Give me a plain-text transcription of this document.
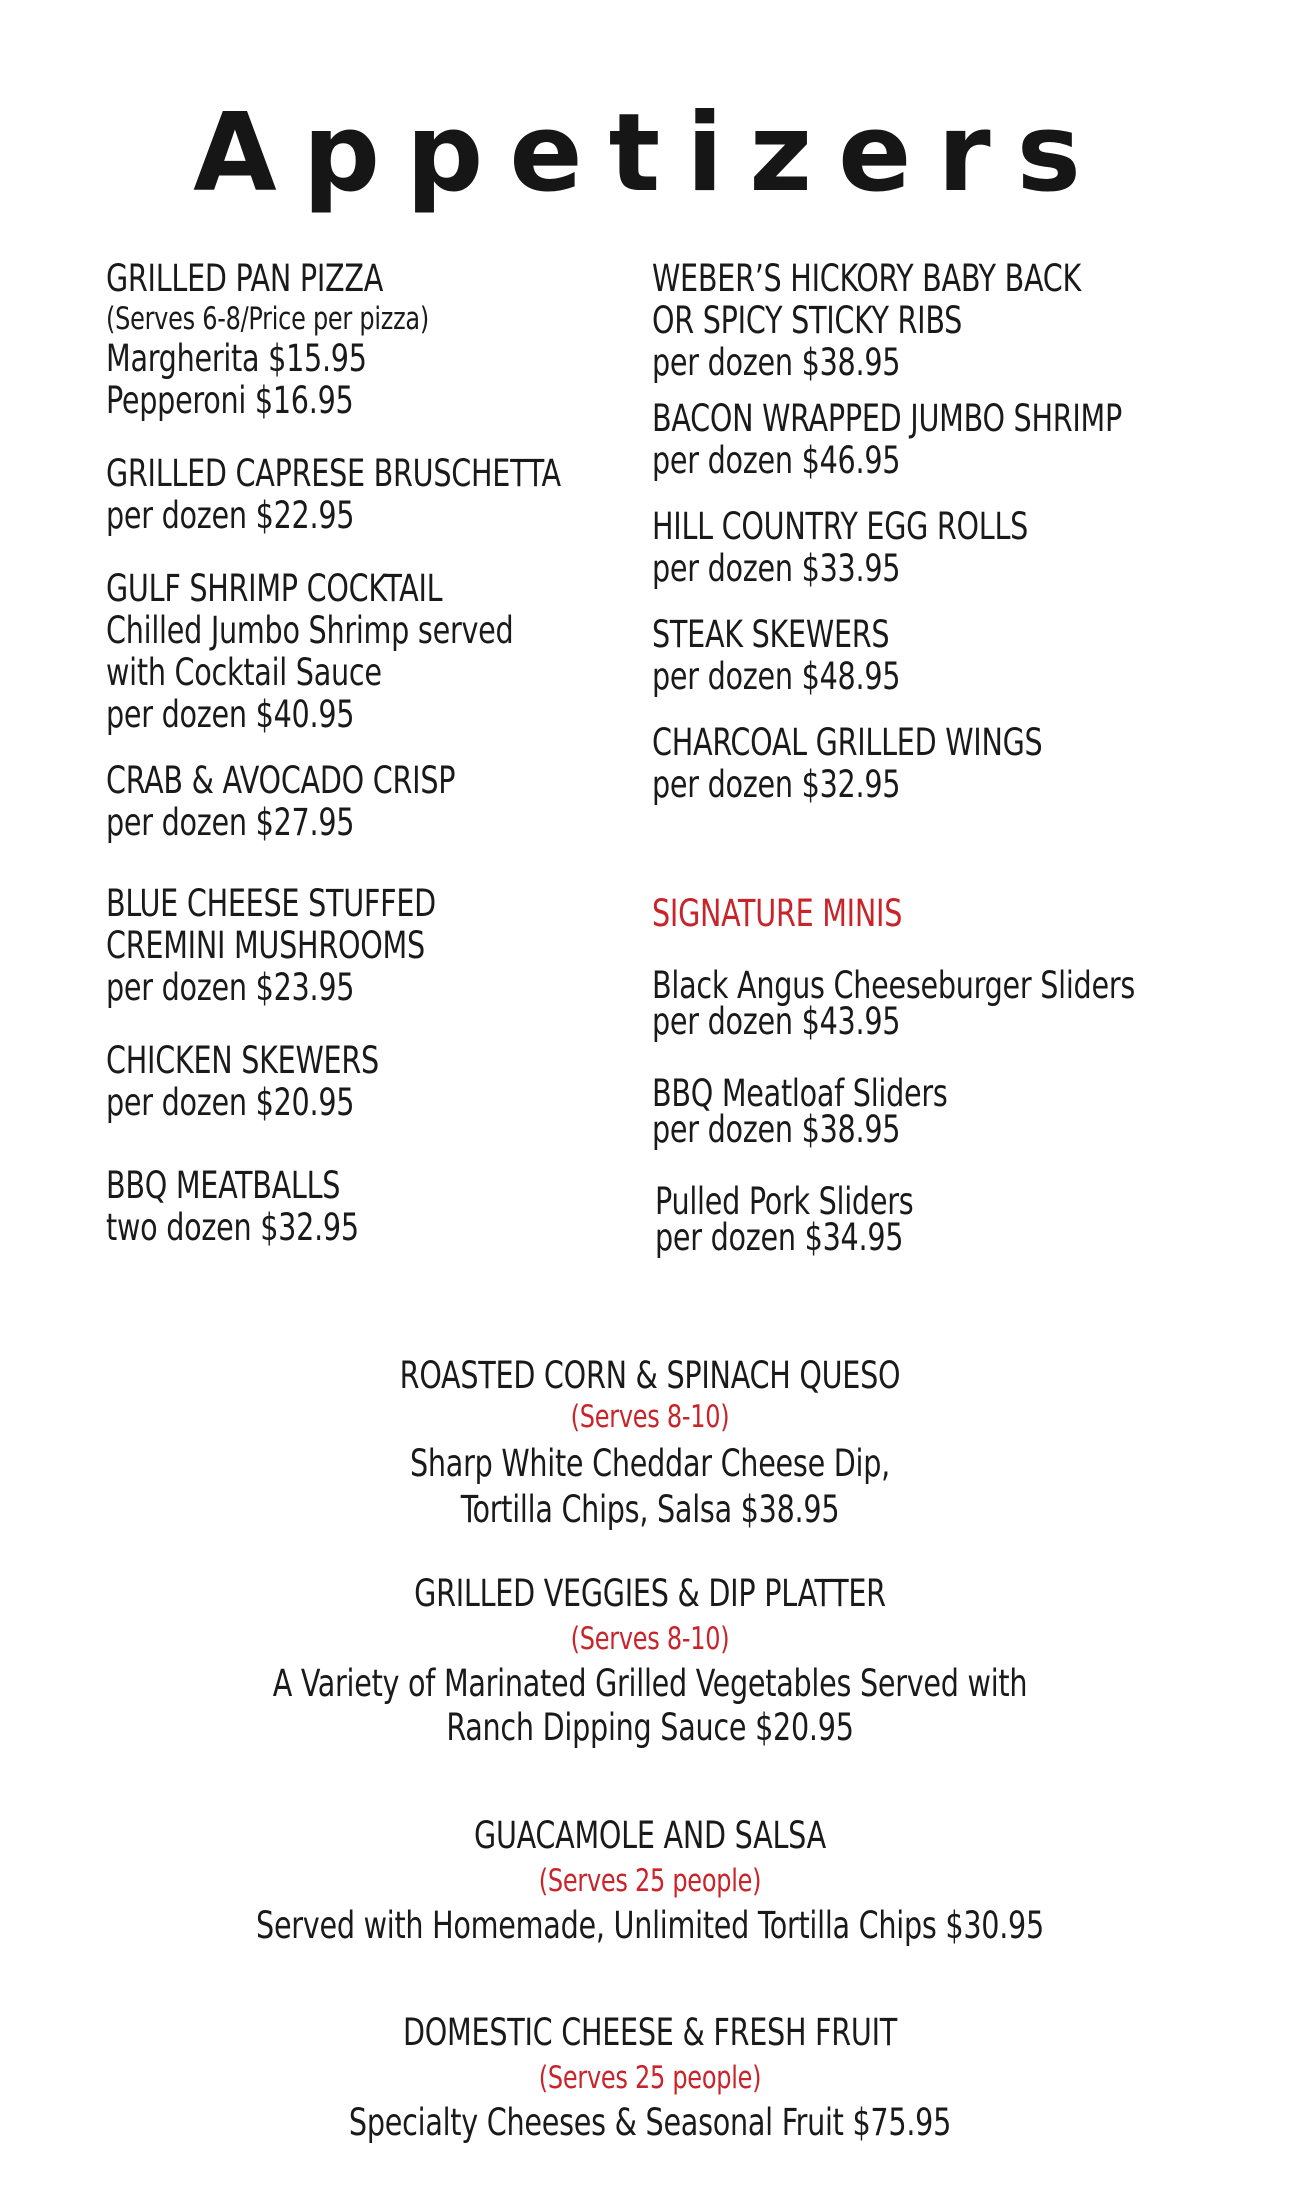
Appetizers
GRILLED PAN PIZZA
(Serves 6-8/Price per pizza)
Margherita $15.95
Pepperoni $16.95
GRILLED CAPRESE BRUSCHETTA
per dozen $22.95
GULF SHRIMP COCKTAIL
Chilled Jumbo Shrimp served
with Cocktail Sauce
per dozen $40.95
CRAB & AVOCADO CRISP
per dozen $27.95
BLUE CHEESE STUFFED
CREMINI MUSHROOMS
per dozen $23.95
CHICKEN SKEWERS
per dozen $20.95
BBQ MEATBALLS
two dozen $32.95
WEBER’S HICKORY BABY BACK
OR SPICY STICKY RIBS
per dozen $38.95
BACON WRAPPED JUMBO SHRIMP
per dozen $46.95
HILL COUNTRY EGG ROLLS
per dozen $33.95
STEAK SKEWERS
per dozen $48.95
CHARCOAL GRILLED WINGS
per dozen $32.95
SIGNATURE MINIS
Black Angus Cheeseburger Sliders
per dozen $43.95
BBQ Meatloaf Sliders
per dozen $38.95
Pulled Pork Sliders
per dozen $34.95
ROASTED CORN & SPINACH QUESO
(Serves 8-10)
Sharp White Cheddar Cheese Dip,
Tortilla Chips, Salsa $38.95
GRILLED VEGGIES & DIP PLATTER
(Serves 8-10)
A Variety of Marinated Grilled Vegetables Served with
Ranch Dipping Sauce $20.95
GUACAMOLE AND SALSA
(Serves 25 people)
Served with Homemade, Unlimited Tortilla Chips $30.95
DOMESTIC CHEESE & FRESH FRUIT
(Serves 25 people)
Specialty Cheeses & Seasonal Fruit $75.95
